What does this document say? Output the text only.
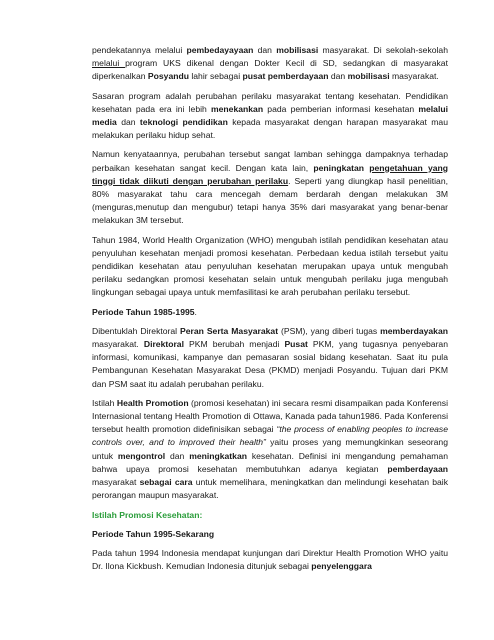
pendekatannya melalui pembedayayaan dan mobilisasi masyarakat. Di sekolah-sekolah melalui program UKS dikenal dengan Dokter Kecil di SD, sedangkan di masyarakat diperkenalkan Posyandu lahir sebagai pusat pemberdayaan dan mobilisasi masyarakat.

Sasaran program adalah perubahan perilaku masyarakat tentang kesehatan. Pendidikan kesehatan pada era ini lebih menekankan pada pemberian informasi kesehatan melalui media dan teknologi pendidikan kepada masyarakat dengan harapan masyarakat mau melakukan perilaku hidup sehat.

Namun kenyataannya, perubahan tersebut sangat lamban sehingga dampaknya terhadap perbaikan kesehatan sangat kecil. Dengan kata lain, peningkatan pengetahuan yang tinggi tidak diikuti dengan perubahan perilaku. Seperti yang diungkap hasil penelitian, 80% masyarakat tahu cara mencegah demam berdarah dengan melakukan 3M (menguras,menutup dan mengubur) tetapi hanya 35% dari masyarakat yang benar-benar melakukan 3M tersebut.

Tahun 1984, World Health Organization (WHO) mengubah istilah pendidikan kesehatan atau penyuluhan kesehatan menjadi promosi kesehatan. Perbedaan kedua istilah tersebut yaitu pendidikan kesehatan atau penyuluhan kesehatan merupakan upaya untuk mengubah perilaku sedangkan promosi kesehatan selain untuk mengubah perilaku juga mengubah lingkungan sebagai upaya untuk memfasilitasi ke arah perubahan perilaku tersebut.

Periode Tahun 1985-1995.

Dibentuklah Direktoral Peran Serta Masyarakat (PSM), yang diberi tugas memberdayakan masyarakat. Direktoral PKM berubah menjadi Pusat PKM, yang tugasnya penyebaran informasi, komunikasi, kampanye dan pemasaran sosial bidang kesehatan. Saat itu pula Pembangunan Kesehatan Masyarakat Desa (PKMD) menjadi Posyandu. Tujuan dari PKM dan PSM saat itu adalah perubahan perilaku.

Istilah Health Promotion (promosi kesehatan) ini secara resmi disampaikan pada Konferensi Internasional tentang Health Promotion di Ottawa, Kanada pada tahun1986. Pada Konferensi tersebut health promotion didefinisikan sebagai “the process of enabling peoples to increase controls over, and to improved their health” yaitu proses yang memungkinkan seseorang untuk mengontrol dan meningkatkan kesehatan. Definisi ini mengandung pemahaman bahwa upaya promosi kesehatan membutuhkan adanya kegiatan pemberdayaan masyarakat sebagai cara untuk memelihara, meningkatkan dan melindungi kesehatan baik perorangan maupun masyarakat.

Istilah Promosi Kesehatan:

Periode Tahun 1995-Sekarang

Pada tahun 1994 Indonesia mendapat kunjungan dari Direktur Health Promotion WHO yaitu Dr. Ilona Kickbush. Kemudian Indonesia ditunjuk sebagai penyelenggara
